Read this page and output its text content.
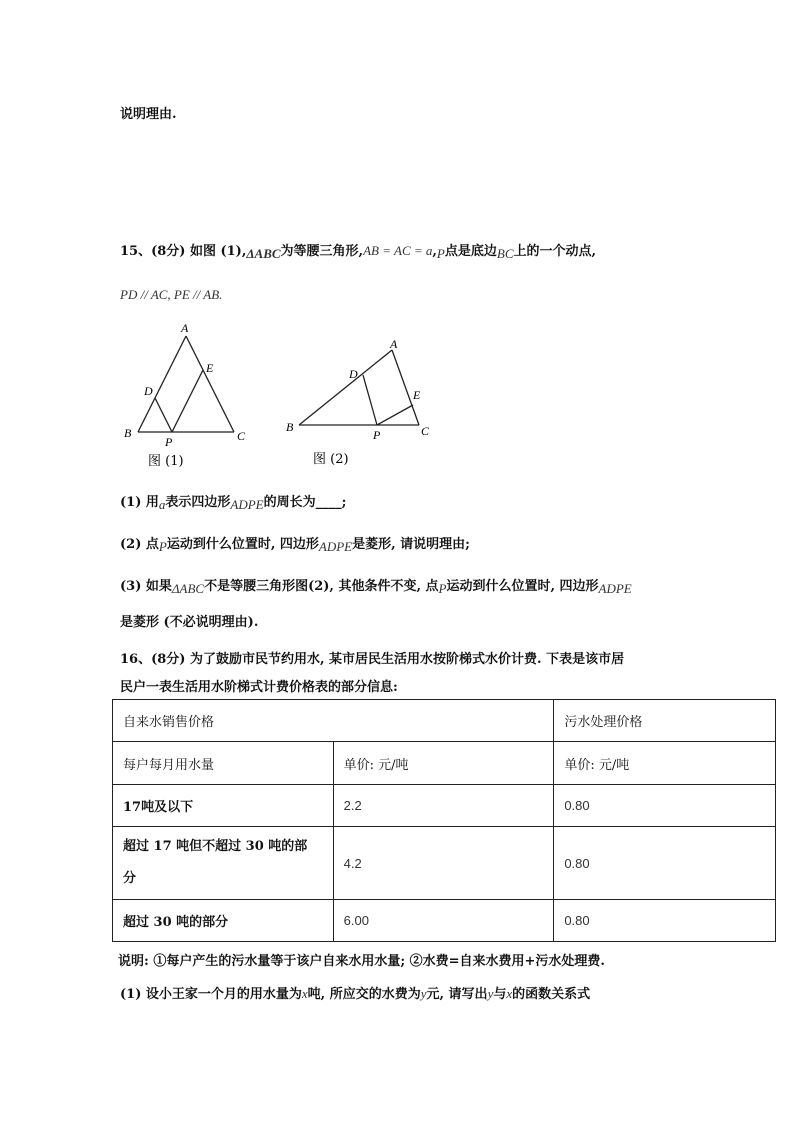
说明理由.
15、(8分) 如图 (1),ΔABC为等腰三角形,AB = AC = a,P点是底边BC上的一个动点,
PD // AC, PE // AB.
A
B	C
D
E
P
图 (1)
A
B	C
D
E
P
图 (2)
(1) 用a表示四边形ADPE的周长为____;
(2) 点P运动到什么位置时, 四边形ADPE是菱形, 请说明理由;
(3) 如果ΔABC不是等腰三角形图(2), 其他条件不变, 点P运动到什么位置时, 四边形ADPE
是菱形 (不必说明理由).
16、(8分) 为了鼓励市民节约用水, 某市居民生活用水按阶梯式水价计费. 下表是该市居
民户一表生活用水阶梯式计费价格表的部分信息:
自来水销售价格		污水处理价格
每户每月用水量	单价: 元/吨	单价: 元/吨
17吨及以下	2.2	0.80
超过 17 吨但不超过 30 吨的部
分	4.2	0.80
超过 30 吨的部分	6.00	0.80
说明: ①每户产生的污水量等于该户自来水用水量; ②水费=自来水费用+污水处理费.
(1) 设小王家一个月的用水量为x吨, 所应交的水费为y元, 请写出y与x的函数关系式
